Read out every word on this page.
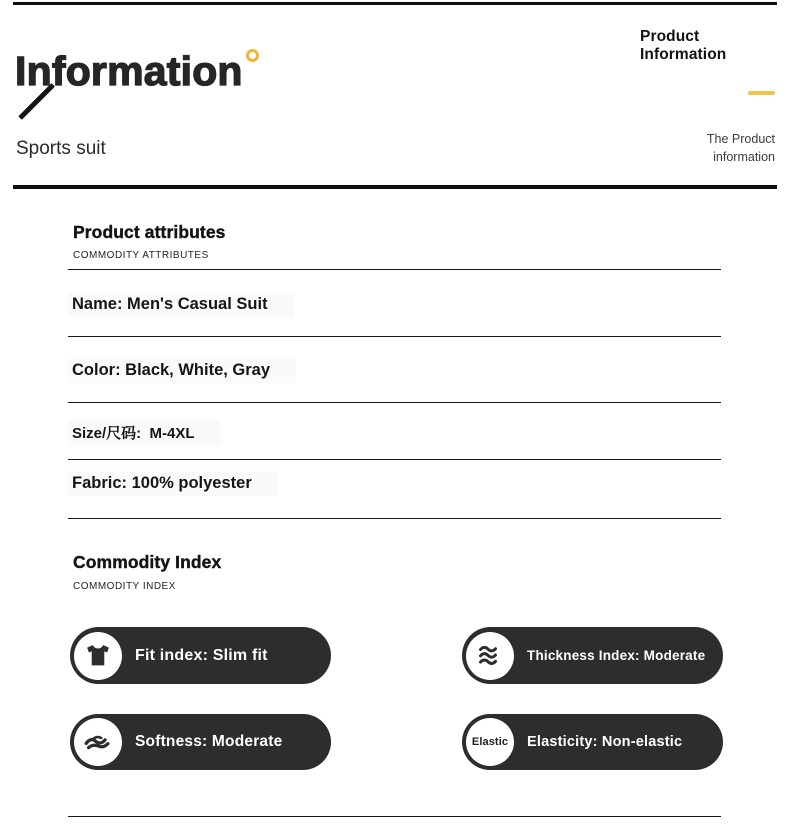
Information
Sports suit
Product
Information
The Product
information
Product attributes
COMMODITY ATTRIBUTES
Name: Men's Casual Suit
Color: Black, White, Gray
Size/尺码:  M-4XL
Fabric: 100% polyester
Commodity Index
COMMODITY INDEX
Fit index: Slim fit	Thickness Index: Moderate
Softness: Moderate	Elastic Elasticity: Non-elastic
